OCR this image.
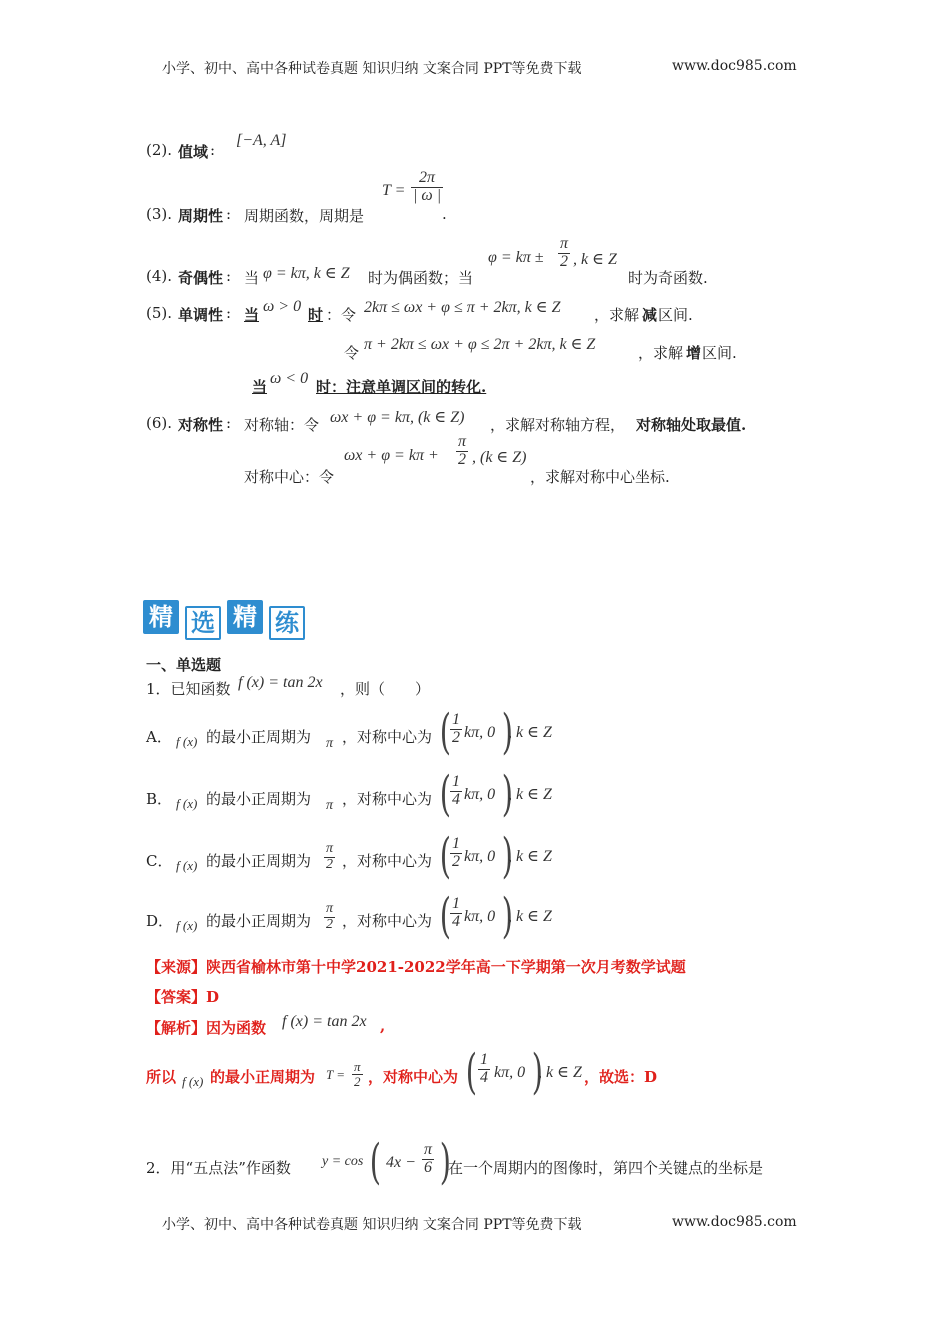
小学、初中、高中各种试卷真题 知识归纳 文案合同 PPT等免费下载	www.doc985.com
(2). 值域 :
[−A, A]
(3). 周期性 : 周期函数，周期是
$T = \frac{2\pi}{| \omega |}$
.
(4). 奇偶性 : 当 φ = kπ, k ∈ Z 时为偶函数；当
$\varphi = k\pi \pm \frac{\pi}{2}$ , k ∈ Z
时为奇函数.
(5). 单调性 : 当 ω > 0 时 ：令 2kπ ≤ ωx + φ ≤ π + 2kπ, k ∈ Z ，求解 减 区间.
令 π + 2kπ ≤ ωx + φ ≤ 2π + 2kπ, k ∈ Z	，求解 增 区间.
当 ω < 0 时：注意单调区间的转化.
(6). 对称性 : 对称轴：令 ωx + φ = kπ, (k ∈ Z) ，求解对称轴方程， 对称轴处取最值.
对称中心：令
$\omega x + \varphi = k\pi + \frac{\pi}{2}$ , (k ∈ Z)
，求解对称中心坐标.
精 选 精 练
一、单选题
1．已知函数 f (x) = tan 2x ，则（　　）
A． f (x) 的最小正周期为 π ，对称中心为 ( $\frac{1}{2} k\pi$, 0 )
, k ∈ Z
B． f (x) 的最小正周期为 π ，对称中心为 ( $\frac{1}{4} k\pi$, 0 )
, k ∈ Z
C． f (x) 的最小正周期为 $\frac{\pi}{2}$ ，对称中心为 ( $\frac{1}{2} k\pi$, 0 )
, k ∈ Z
D． f (x) 的最小正周期为 $\frac{\pi}{2}$ ，对称中心为 ( $\frac{1}{4} k\pi$, 0 )
, k ∈ Z
【来源】陕西省榆林市第十中学2021-2022学年高一下学期第一次月考数学试题
【答案】D
【解析】因为函数 f (x) = tan 2x ,
所以 f (x) 的最小正周期为 $T = \frac{\pi}{2}$ ，对称中心为 ( $\frac{1}{4} k\pi$, 0 )
, k ∈ Z ，故选：D
2．用“五点法”作函数 y = cos ( $4x - \frac{\pi}{6}$ )
在一个周期内的图像时，第四个关键点的坐标是
小学、初中、高中各种试卷真题 知识归纳 文案合同 PPT等免费下载	www.doc985.com
